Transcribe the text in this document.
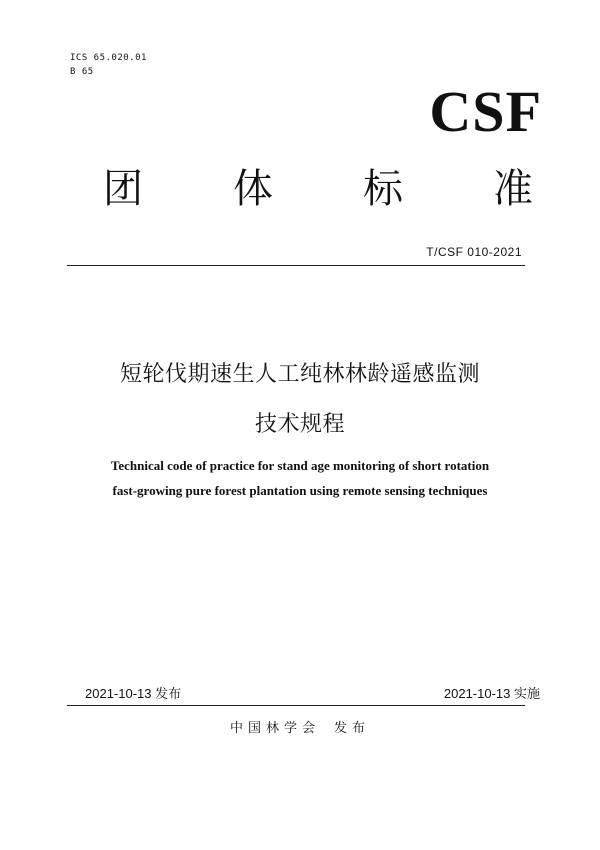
ICS 65.020.01
B 65
CSF
团 体 标 准
T/CSF 010-2021
短轮伐期速生人工纯林林龄遥感监测
技术规程
Technical code of practice for stand age monitoring of short rotation
fast-growing pure forest plantation using remote sensing techniques
2021-10-13 发布	2021-10-13 实施
中国林学会 发布
